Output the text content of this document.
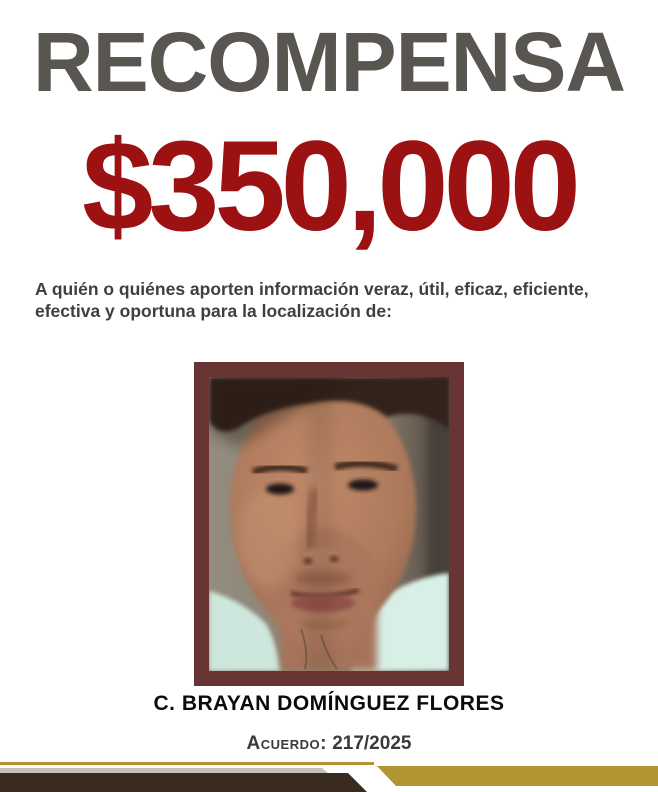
RECOMPENSA
$350,000
A quién o quiénes aporten información veraz, útil, eficaz, eficiente,
efectiva y oportuna para la localización de:
C. BRAYAN DOMÍNGUEZ FLORES
Acuerdo: 217/2025
